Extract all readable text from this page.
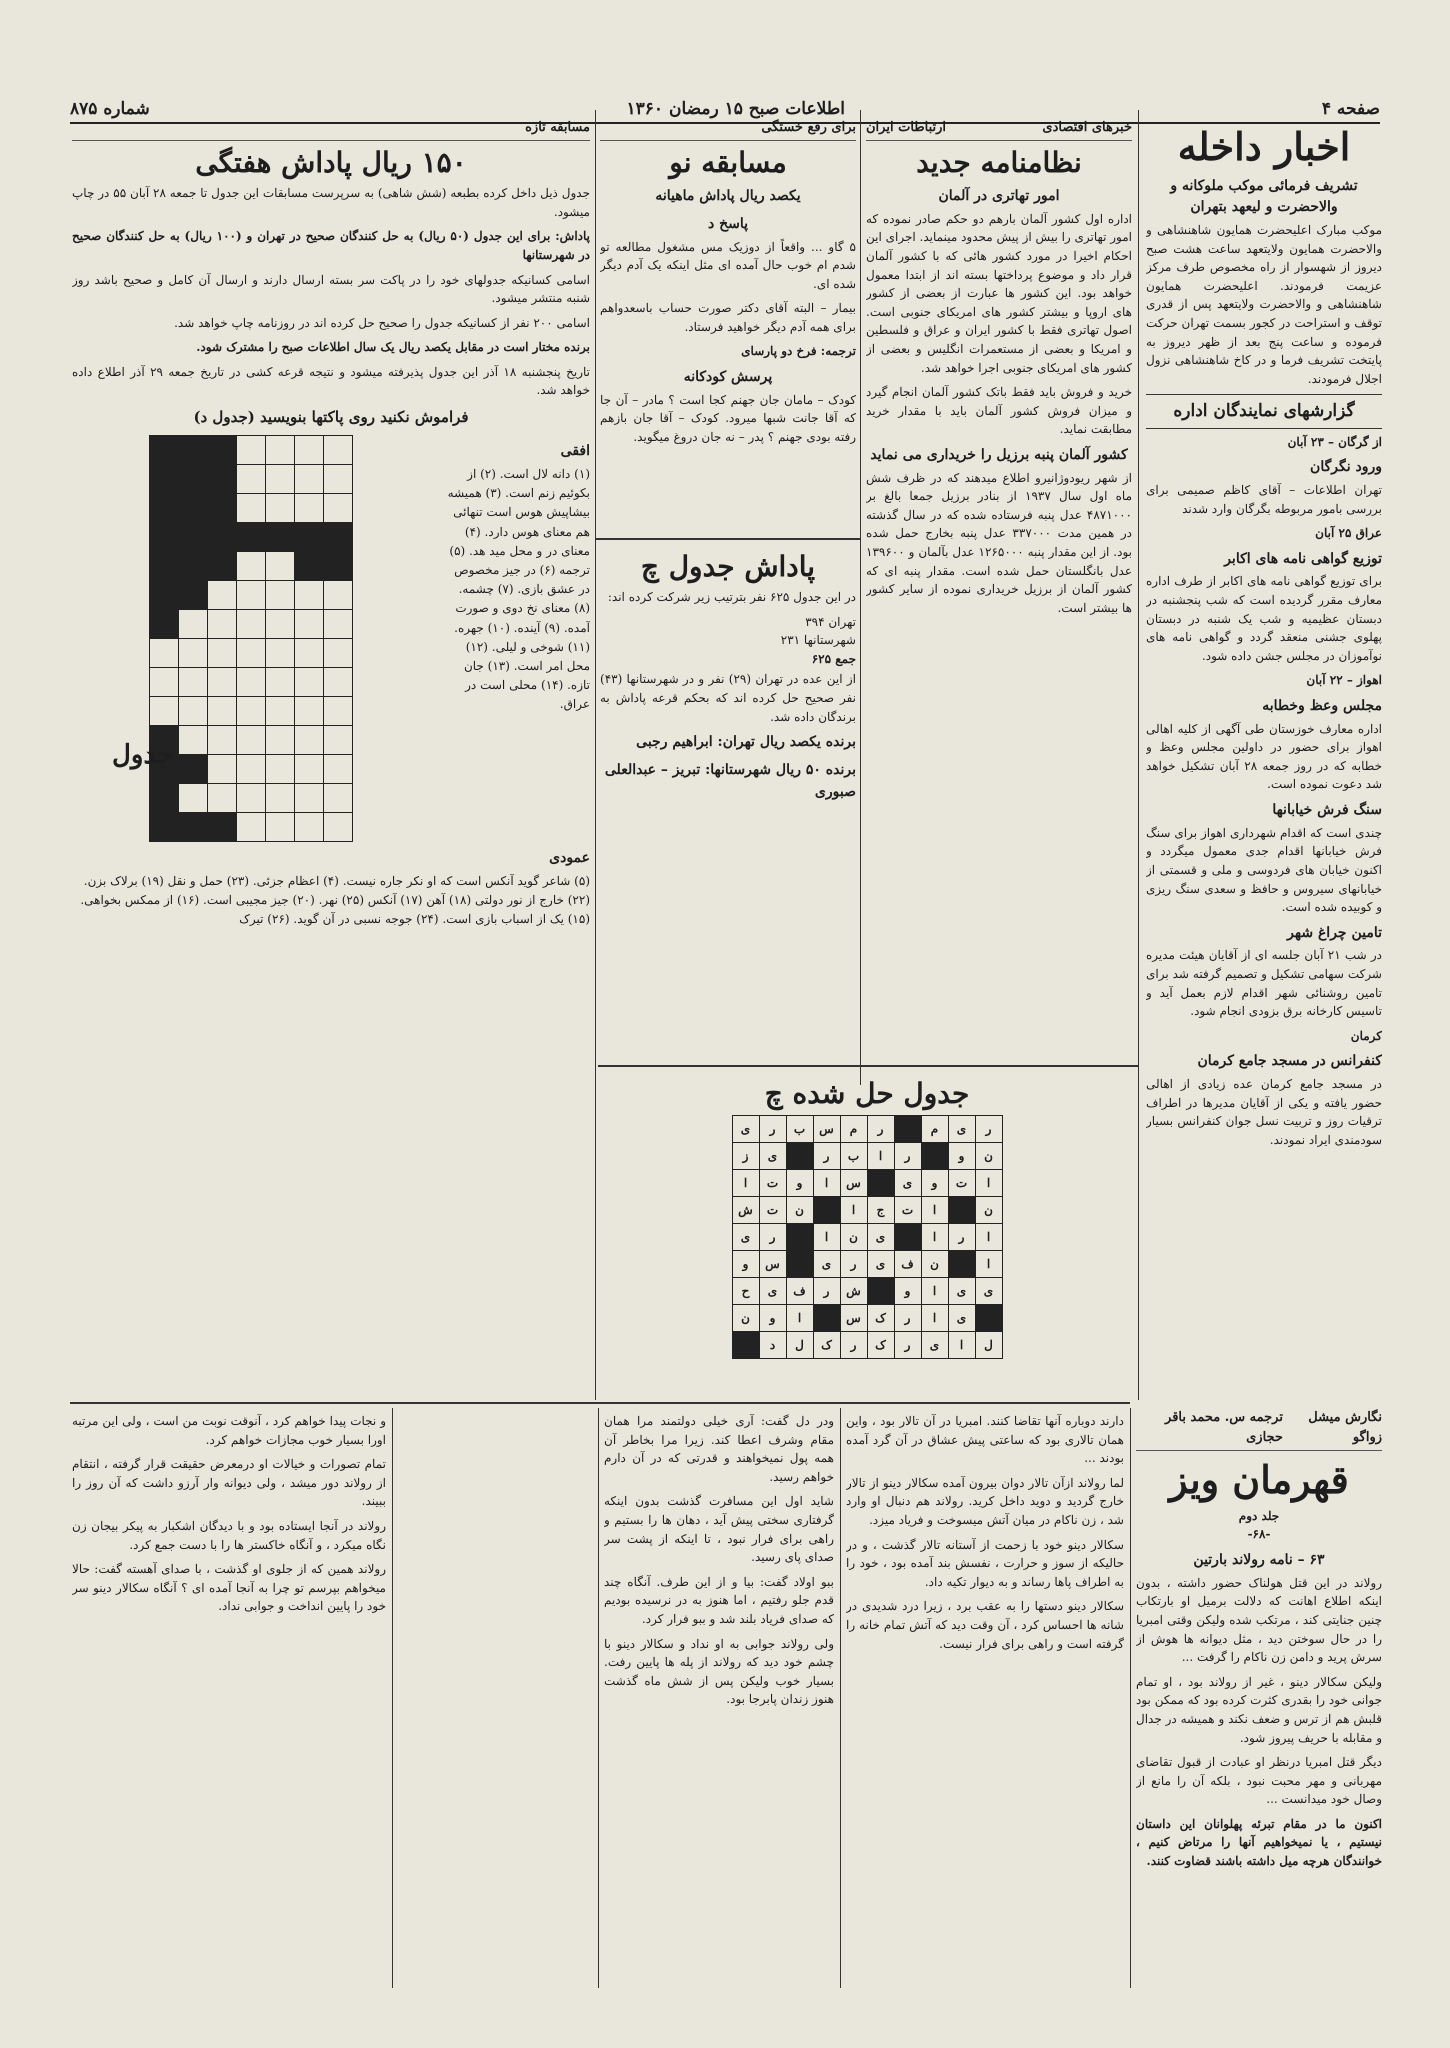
صفحه ۴
اطلاعات صبح ۱۵ رمضان ۱۳۶۰
شماره ۸۷۵
اخبار داخله
تشریف فرمائی موکب ملوکانه و والاحضرت و لیعهد بتهران
موکب مبارک اعلیحضرت همایون شاهنشاهی و والاحضرت همایون ولایتعهد ساعت هشت صبح دیروز از شهسوار از راه مخصوص طرف مرکز عزیمت فرمودند. اعلیحضرت همایون شاهنشاهی و والاحضرت ولایتعهد پس از قدری توقف و استراحت در کجور بسمت تهران حرکت فرموده و ساعت پنج بعد از ظهر دیروز به پایتخت تشریف فرما و در کاخ شاهنشاهی نزول اجلال فرمودند.
گزارشهای نمایندگان اداره
از گرگان – ۲۳ آبان
ورود نگرگان
تهران اطلاعات – آقای کاظم صمیمی برای بررسی بامور مربوطه بگرگان وارد شدند
عراق ۲۵ آبان
توزیع گواهی نامه های اکابر
برای توزیع گواهی نامه های اکابر از طرف اداره معارف مقرر گردیده است که شب پنجشنبه در دبستان عظیمیه و شب یک شنبه در دبستان پهلوی جشنی منعقد گردد و گواهی نامه های نوآموزان در مجلس جشن داده شود.
اهواز – ۲۲ آبان
مجلس وعظ وخطابه
اداره معارف خوزستان طی آگهی از کلیه اهالی اهواز برای حضور در داولین مجلس وعظ و خطابه که در روز جمعه ۲۸ آبان تشکیل خواهد شد دعوت نموده است.
سنگ فرش خیابانها
چندی است که اقدام شهرداری اهواز برای سنگ فرش خیابانها اقدام جدی معمول میگردد و اکنون خیابان های فردوسی و ملی و قسمتی از خیابانهای سیروس و حافظ و سعدی سنگ ریزی و کوبیده شده است.
تامین چراغ شهر
در شب ۲۱ آبان جلسه ای از آقایان هیئت مدیره شرکت سهامی تشکیل و تصمیم گرفته شد برای تامین روشنائی شهر اقدام لازم بعمل آید و تاسیس کارخانه برق بزودی انجام شود.
کرمان
کنفرانس در مسجد جامع کرمان
در مسجد جامع کرمان عده زیادی از اهالی حضور یافته و یکی از آقایان مدیرها در اطراف ترقیات روز و تربیت نسل جوان کنفرانس بسیار سودمندی ایراد نمودند.
خبرهای اقتصادی
ارتباطات ایران
نظامنامه جدید
امور تهاتری در آلمان
اداره اول کشور آلمان بارهم دو حکم صادر نموده که امور تهاتری را بیش از پیش محدود مینماید. اجرای این احکام اخیرا در مورد کشور هائی که با کشور آلمان قرار داد و موضوع پرداختها بسته اند از ابتدا معمول خواهد بود. این کشور ها عبارت از بعضی از کشور های اروپا و بیشتر کشور های امریکای جنوبی است. اصول تهاتری فقط با کشور ایران و عراق و فلسطین و امریکا و بعضی از مستعمرات انگلیس و بعضی از کشور های امریکای جنوبی اجرا خواهد شد.
خرید و فروش باید فقط باتک کشور آلمان انجام گیرد و میزان فروش کشور آلمان باید با مقدار خرید مطابقت نماید.
کشور آلمان پنبه برزیل را خریداری می نماید
از شهر ریودوژانیرو اطلاع میدهند که در ظرف شش ماه اول سال ۱۹۳۷ از بنادر برزیل جمعا بالغ بر ۴۸۷۱۰۰۰ عدل پنبه فرستاده شده که در سال گذشته در همین مدت ۳۳۷۰۰۰ عدل پنبه بخارج حمل شده بود. از این مقدار پنبه ۱۲۶۵۰۰۰ عدل بآلمان و ۱۳۹۶۰۰ عدل بانگلستان حمل شده است. مقدار پنبه ای که کشور آلمان از برزیل خریداری نموده از سایر کشور ها بیشتر است.
برای رفع خستگی
مسابقه نو
یکصد ریال پاداش ماهیانه
پاسخ د
۵ گاو ... واقعاً از دوزیک مس مشغول مطالعه تو شدم ام خوب حال آمده ای مثل اینکه یک آدم دیگر شده ای.
بیمار – البته آقای دکتر صورت حساب باسعدواهم برای همه آدم دیگر خواهید فرستاد.
ترجمه: فرخ دو پارسای
پرسش کودکانه
کودک – مامان جان جهنم کجا است ؟ مادر – آن جا که آقا جانت شبها میرود. کودک – آقا جان بازهم رفته بودی جهنم ؟ پدر – نه جان دروغ میگوید.
پاداش جدول چ
در این جدول ۶۲۵ نفر بترتیب زیر شرکت کرده اند:
تهران ۳۹۴
شهرستانها ۲۳۱
جمع ۶۲۵
از این عده در تهران (۲۹) نفر و در شهرستانها (۴۳) نفر صحیح حل کرده اند که بحکم قرعه پاداش به برندگان داده شد.
برنده یکصد ریال تهران: ابراهیم رجبی
برنده ۵۰ ریال شهرستانها: تبریز – عبدالعلی صبوری
جدول حل شده چ
ر	ی	م		ر	م	س	ب	ر	ی
ن	و		ر	ا	ب	ر		ی	ز
ا	ت	و	ی		س	ا	و	ت	ا
ن		ا	ت	ج	ا		ن	ت	ش
ا	ر	ا		ی	ن	ا		ر	ی
ا		ن	ف	ی	ر	ی		س	و
ی	ی	ا	و		ش	ر	ف	ی	ح
	ی	ا	ر	ک	س		ا	و	ن
ل	ا	ی	ر	ک	ر	ک	ل	د	
مسابقه تازه
۱۵۰ ریال پاداش هفتگی
جدول ذیل داخل کرده بطبعه (شش شاهی) به سرپرست مسابقات این جدول تا جمعه ۲۸ آبان ۵۵ در چاپ میشود.
پاداش: برای این جدول (۵۰ ریال) به حل کنندگان صحیح در تهران و (۱۰۰ ریال) به حل کنندگان صحیح در شهرستانها
اسامی کسانیکه جدولهای خود را در پاکت سر بسته ارسال دارند و ارسال آن کامل و صحیح باشد روز شنبه منتشر میشود.
اسامی ۲۰۰ نفر از کسانیکه جدول را صحیح حل کرده اند در روزنامه چاپ خواهد شد.
برنده مختار است در مقابل یکصد ریال یک سال اطلاعات صبح را مشترک شود.
تاریخ پنجشنبه ۱۸ آذر این جدول پذیرفته میشود و نتیجه قرعه کشی در تاریخ جمعه ۲۹ آذر اطلاع داده خواهد شد.
فراموش نکنید روی پاکتها بنویسید (جدول د)
افقی
(۱) دانه لال است. (۲) از بکوئیم زنم است. (۳) همیشه بیشاپیش هوس است تنهائی هم معنای هوس دارد. (۴) معنای در و محل مید هد. (۵) ترجمه (۶) در جیز مخصوص در عشق بازی. (۷) چشمه. (۸) معنای نخ دوی و صورت آمده. (۹) آینده. (۱۰) جهره. (۱۱) شوخی و لیلی. (۱۲) محل امر است. (۱۳) جان تازه. (۱۴) محلی است در عراق.

جدول
عمودی
(۵) شاعر گوید آنکس است که او نکر جاره نیست. (۴) اعظام جزئی. (۲۳) حمل و نقل (۱۹) برلاک بزن. (۲۲) خارج از نور دولتی (۱۸) آهن (۱۷) آنکس (۲۵) نهر. (۲۰) جیز مجیبی است. (۱۶) از ممکس بخواهی. (۱۵) یک از اسباب بازی است. (۲۴) جوجه نسبی در آن گوید. (۲۶) تیرک
نگارش میشل زواگو
ترجمه س. محمد باقر حجازی
قهرمان ویز
جلد دوم
-۶۸-
۶۳ – نامه رولاند بارتین
رولاند در این قتل هولناک حضور داشته ، بدون اینکه اطلاع اهانت که دلالت برمیل او بارتکاب چنین جنایتی کند ، مرتکب شده ولیکن وقتی امبریا را در حال سوختن دید ، مثل دیوانه ها هوش از سرش پرید و دامن زن ناکام را گرفت ...
ولیکن سکالار دینو ، غیر از رولاند بود ، او تمام جوانی خود را بقدری کثرت کرده بود که ممکن بود قلبش هم از ترس و ضعف نکند و همیشه در جدال و مقابله با حریف پیروز شود.
دیگر قتل امبریا درنظر او عبادت از قبول تقاضای مهربانی و مهر محبت نبود ، بلکه آن را مانع از وصال خود میدانست ...
اکنون ما در مقام تبرئه پهلوانان این داستان نیستیم ، یا نمیخواهیم آنها را مرتاض کنیم ، خوانندگان هرچه میل داشته باشند قضاوت کنند.
دارند دوباره آنها تقاضا کنند. امبریا در آن تالار بود ، واین همان تالاری بود که ساعتی پیش عشاق در آن گرد آمده بودند ...
لما رولاند ازآن تالار دوان بیرون آمده سکالار دینو از تالار خارج گردید و دوید داخل کرید. رولاند هم دنبال او وارد شد ، زن ناکام در میان آتش میسوخت و فریاد میزد.
سکالار دینو خود با زحمت از آستانه تالار گذشت ، و در حالیکه از سوز و حرارت ، نفسش بند آمده بود ، خود را به اطراف پاها رساند و به دیوار تکیه داد.
سکالار دینو دستها را به عقب برد ، زیرا درد شدیدی در شانه ها احساس کرد ، آن وقت دید که آتش تمام خانه را گرفته است و راهی برای فرار نیست.
ودر دل گفت: آری خیلی دولتمند مرا همان مقام وشرف اعطا کند. زیرا مرا بخاطر آن همه پول نمیخواهند و قدرتی که در آن دارم خواهم رسید.
شاید اول این مسافرت گذشت بدون اینکه گرفتاری سختی پیش آید ، دهان ها را بستیم و راهی برای فرار نبود ، تا اینکه از پشت سر صدای پای رسید.
ببو اولاد گفت: بیا و از این طرف. آنگاه چند قدم جلو رفتیم ، اما هنوز به در نرسیده بودیم که صدای فریاد بلند شد و ببو فرار کرد.
ولی رولاند جوابی به او نداد و سکالار دینو با چشم خود دید که رولاند از پله ها پایین رفت. بسیار خوب ولیکن پس از شش ماه گذشت هنوز زندان پابرجا بود.
و نجات پیدا خواهم کرد ، آنوقت نوبت من است ، ولی این مرتبه اورا بسیار خوب مجازات خواهم کرد.
تمام تصورات و خیالات او درمعرض حقیقت قرار گرفته ، انتقام از رولاند دور میشد ، ولی دیوانه وار آرزو داشت که آن روز را ببیند.
رولاند در آنجا ایستاده بود و با دیدگان اشکبار به پیکر بیجان زن نگاه میکرد ، و آنگاه خاکستر ها را با دست جمع کرد.
رولاند همین که از جلوی او گذشت ، با صدای آهسته گفت: حالا میخواهم بپرسم تو چرا به آنجا آمده ای ؟ آنگاه سکالار دینو سر خود را پایین انداخت و جوابی نداد.
